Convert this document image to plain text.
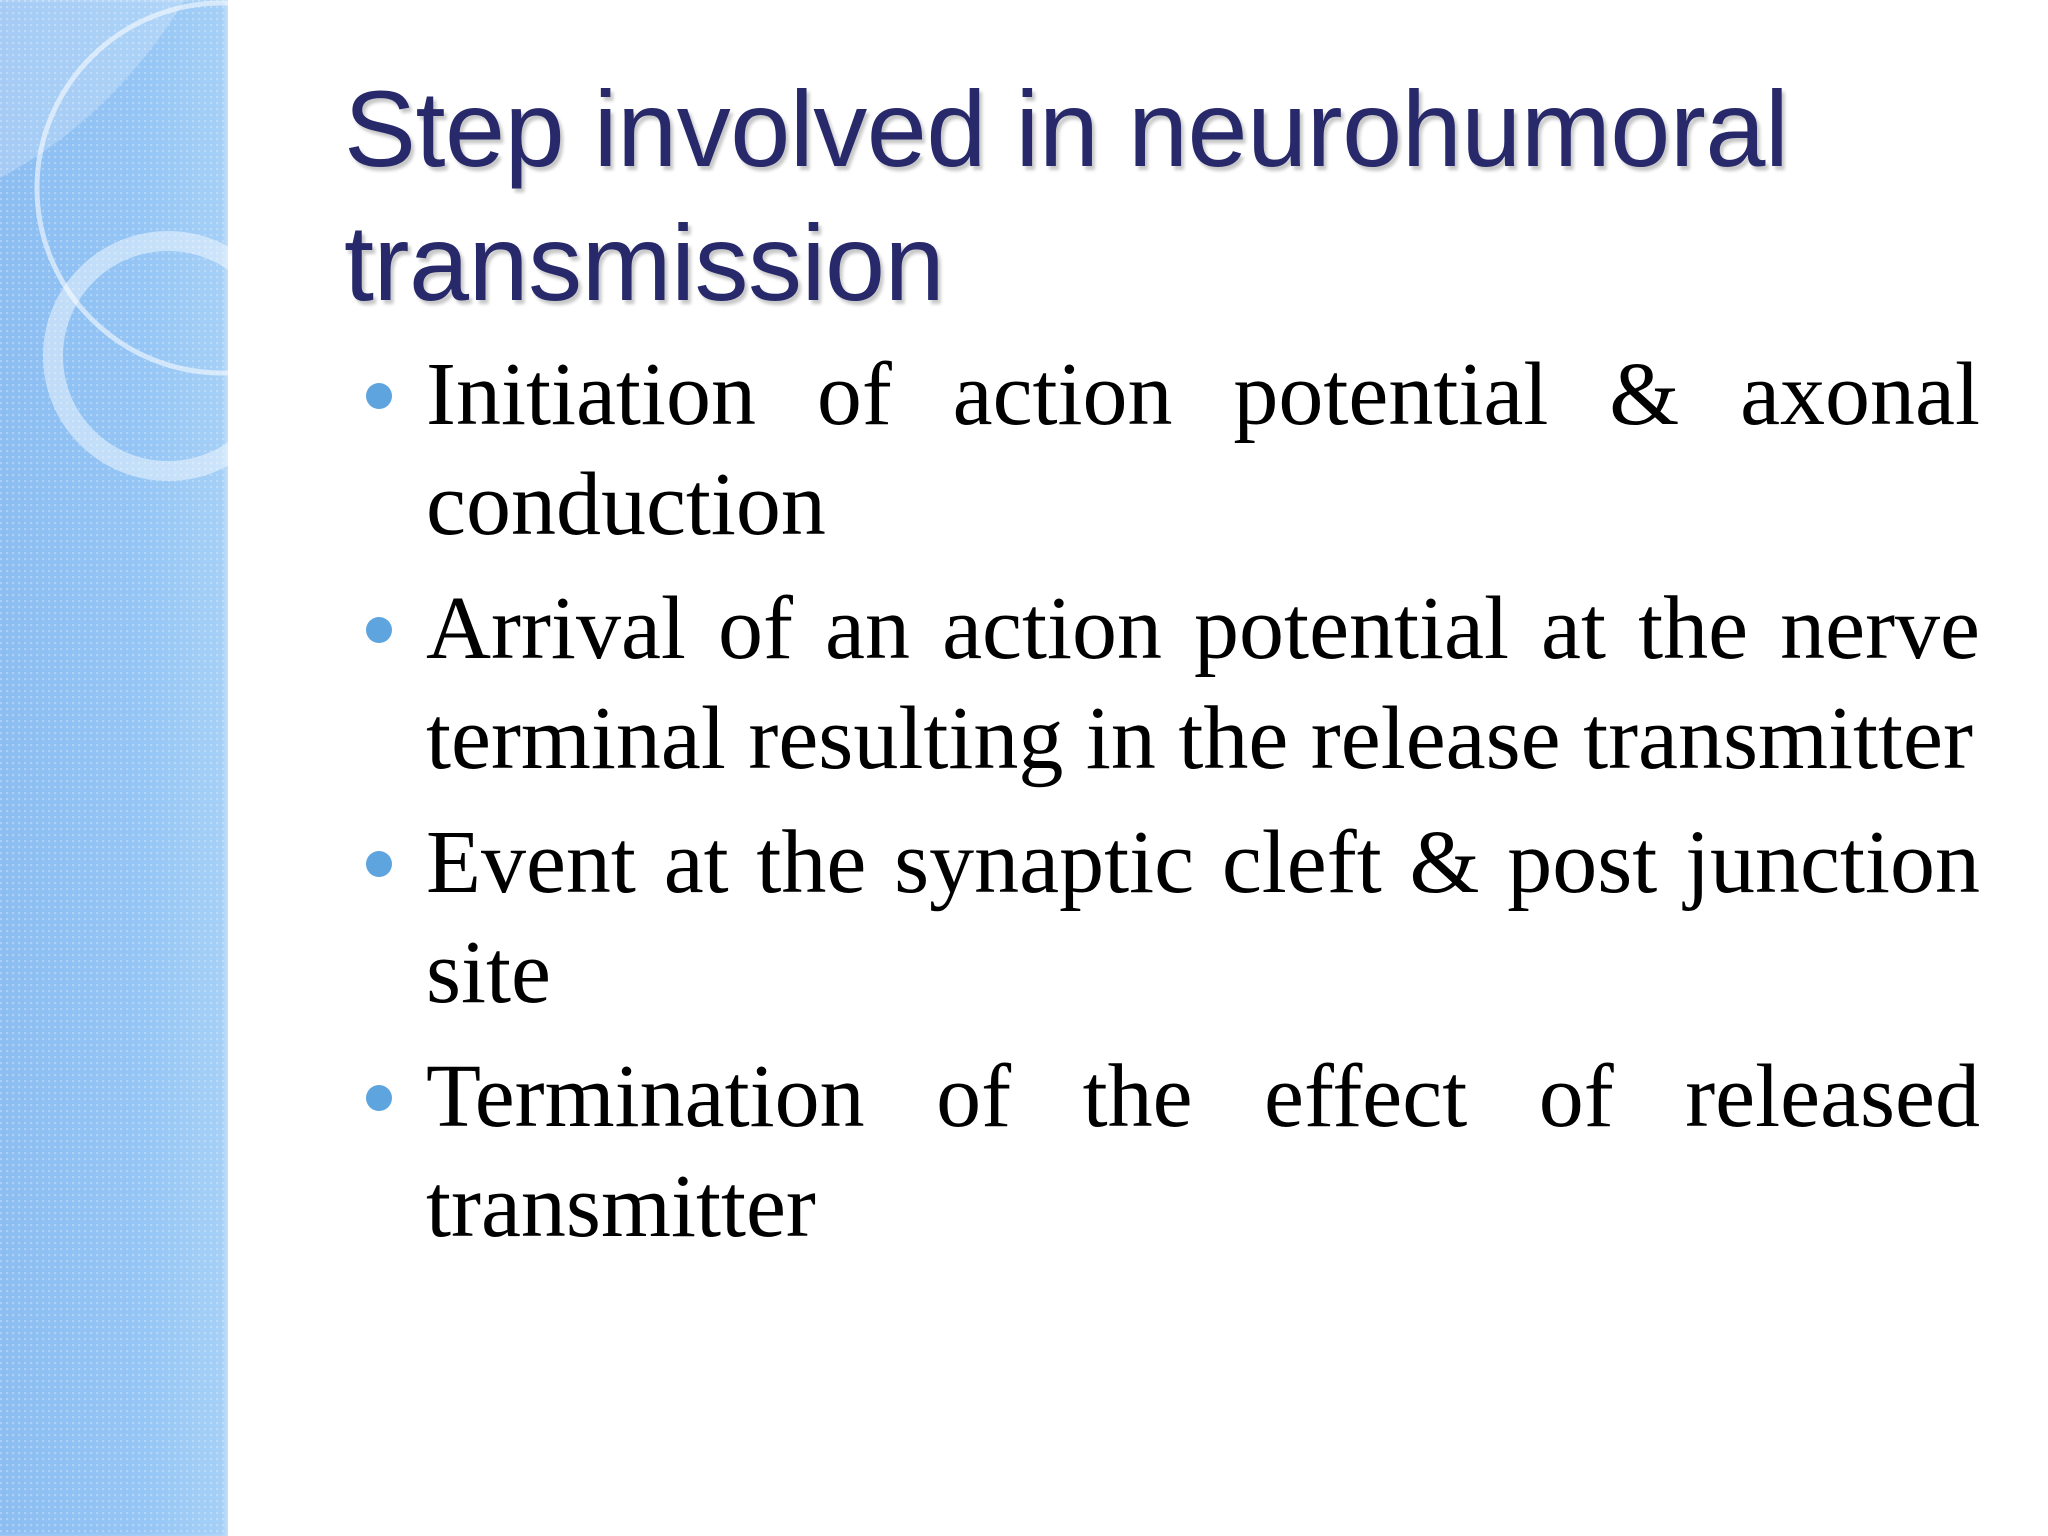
Step involved in neurohumoral transmission
Initiation of action potential & axonal conduction
Arrival of an action potential at the nerve terminal resulting in the release transmitter
Event at the synaptic cleft & post junction site
Termination of the effect of released transmitter
